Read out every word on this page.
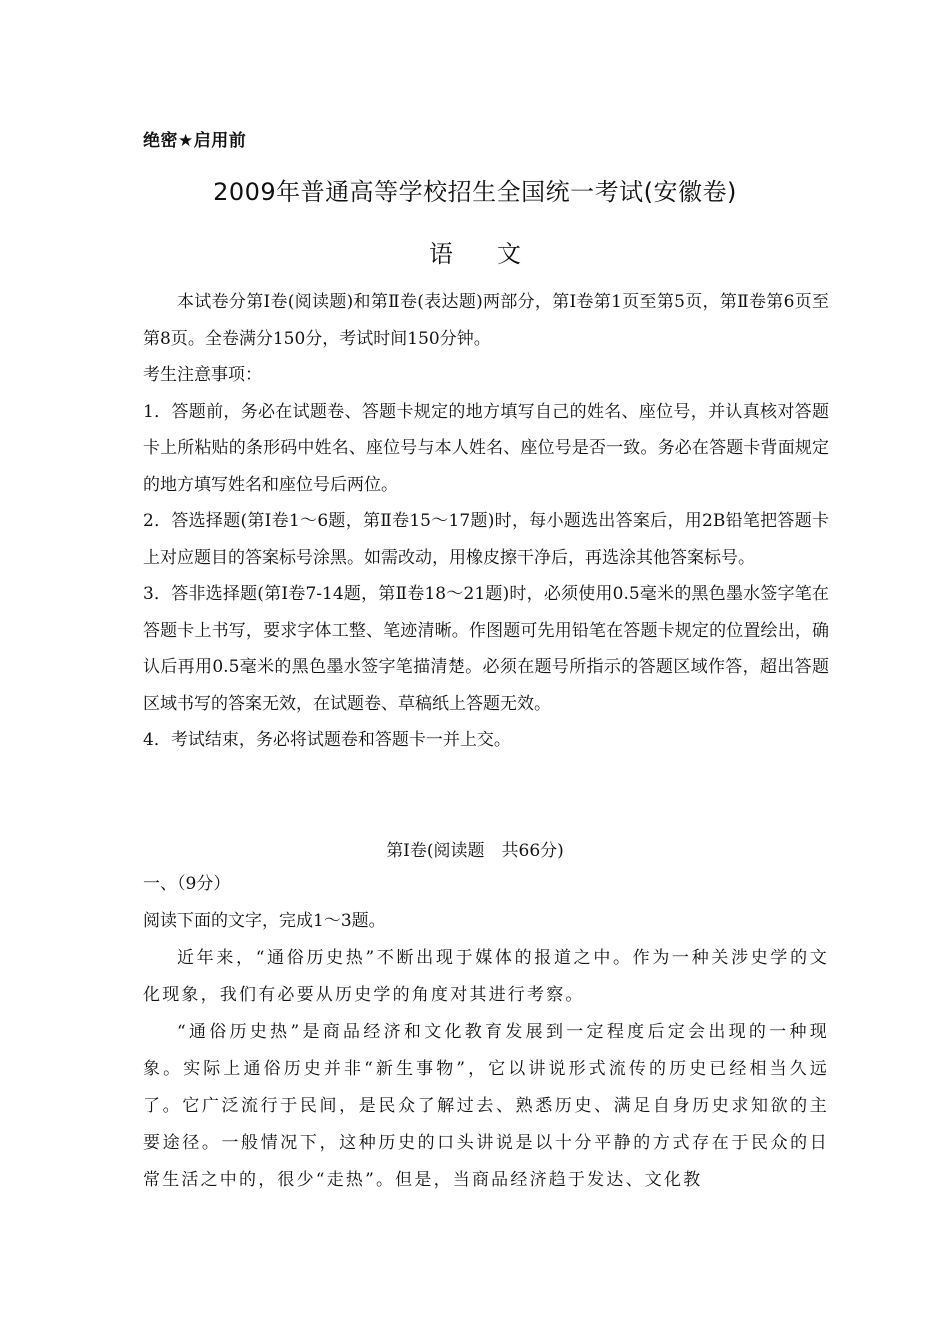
绝密★启用前
2009年普通高等学校招生全国统一考试(安徽卷)
语文

本试卷分第Ⅰ卷(阅读题)和第Ⅱ卷(表达题)两部分，第Ⅰ卷第1页至第5页，第Ⅱ卷第6页至第8页。全卷满分150分，考试时间150分钟。

考生注意事项：

1．答题前，务必在试题卷、答题卡规定的地方填写自己的姓名、座位号，并认真核对答题卡上所粘贴的条形码中姓名、座位号与本人姓名、座位号是否一致。务必在答题卡背面规定的地方填写姓名和座位号后两位。

2．答选择题(第Ⅰ卷1～6题，第Ⅱ卷15～17题)时，每小题选出答案后，用2B铅笔把答题卡上对应题目的答案标号涂黑。如需改动，用橡皮擦干净后，再选涂其他答案标号。

3．答非选择题(第Ⅰ卷7-14题，第Ⅱ卷18～21题)时，必须使用0.5毫米的黑色墨水签字笔在答题卡上书写，要求字体工整、笔迹清晰。作图题可先用铅笔在答题卡规定的位置绘出，确认后再用0.5毫米的黑色墨水签字笔描清楚。必须在题号所指示的答题区域作答，超出答题区域书写的答案无效，在试题卷、草稿纸上答题无效。

4．考试结束，务必将试题卷和答题卡一并上交。

第Ⅰ卷(阅读题　共66分)

一、（9分）

阅读下面的文字，完成1～3题。

近年来，“通俗历史热”不断出现于媒体的报道之中。作为一种关涉史学的文化现象，我们有必要从历史学的角度对其进行考察。

“通俗历史热”是商品经济和文化教育发展到一定程度后定会出现的一种现象。实际上通俗历史并非“新生事物”，它以讲说形式流传的历史已经相当久远了。它广泛流行于民间，是民众了解过去、熟悉历史、满足自身历史求知欲的主要途径。一般情况下，这种历史的口头讲说是以十分平静的方式存在于民众的日常生活之中的，很少“走热”。但是，当商品经济趋于发达、文化教
